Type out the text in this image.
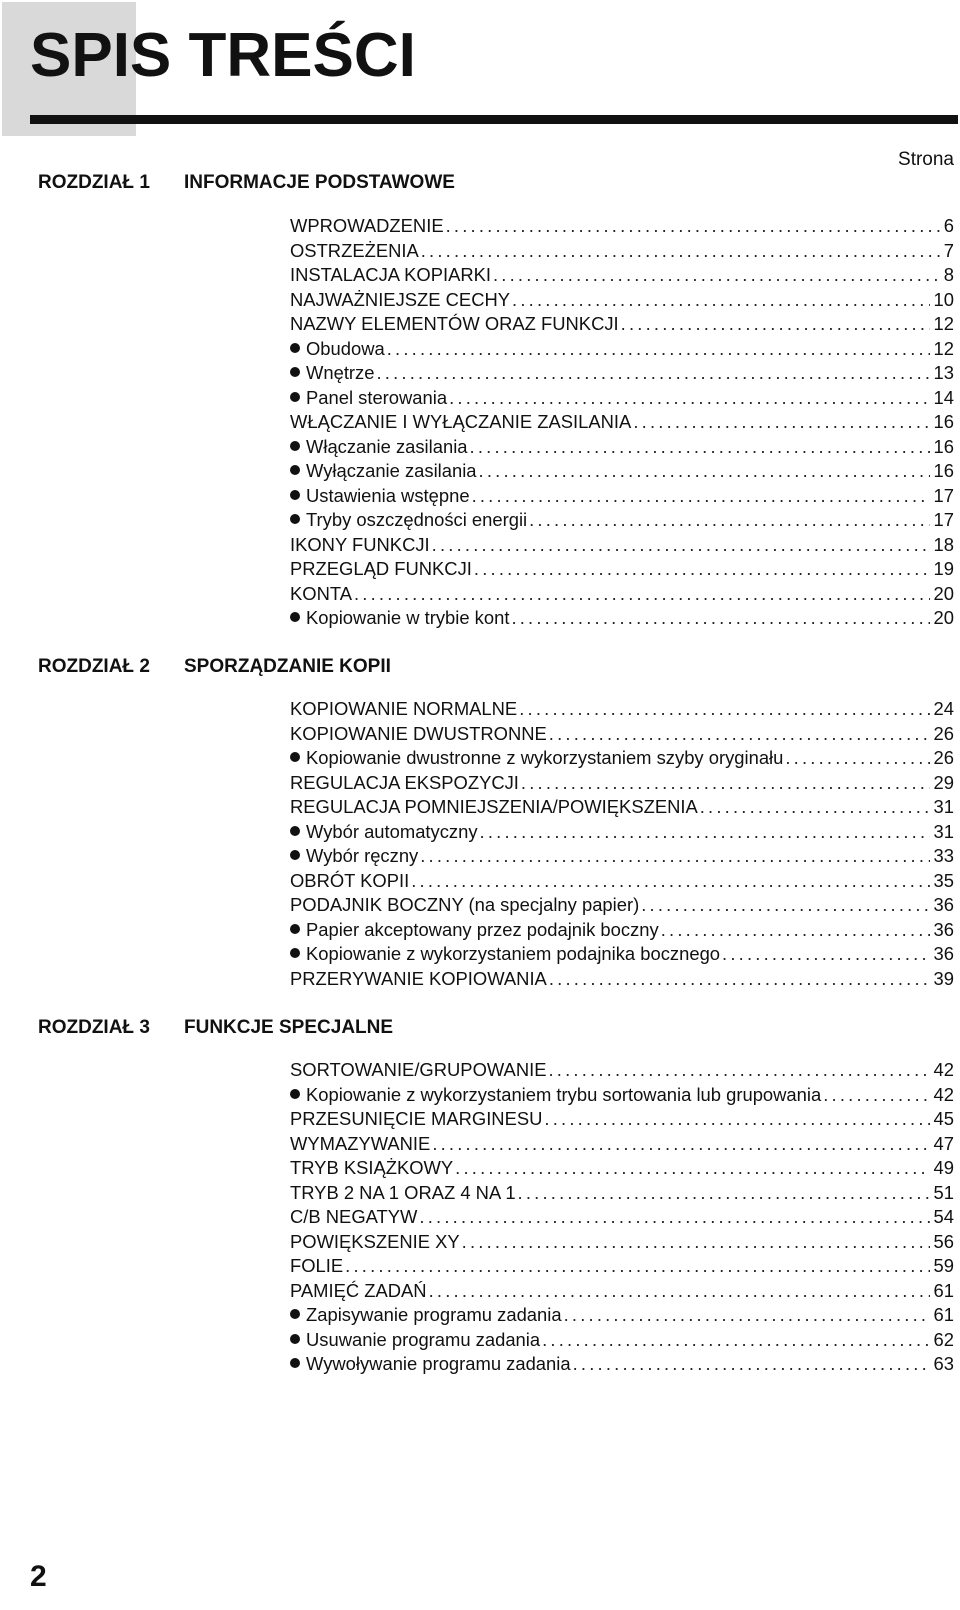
SPIS TREŚCI
Strona
ROZDZIAŁ 1 INFORMACJE PODSTAWOWE
WPROWADZENIE .....	6
OSTRZEŻENIA .....	7
INSTALACJA KOPIARKI .....	8
NAJWAŻNIEJSZE CECHY .....	10
NAZWY ELEMENTÓW ORAZ FUNKCJI .....	12
Obudowa .....	12
Wnętrze .....	13
Panel sterowania .....	14
WŁĄCZANIE I WYŁĄCZANIE ZASILANIA .....	16
Włączanie zasilania .....	16
Wyłączanie zasilania .....	16
Ustawienia wstępne .....	17
Tryby oszczędności energii .....	17
IKONY FUNKCJI .....	18
PRZEGLĄD FUNKCJI .....	19
KONTA .....	20
Kopiowanie w trybie kont .....	20
ROZDZIAŁ 2 SPORZĄDZANIE KOPII
KOPIOWANIE NORMALNE .....	24
KOPIOWANIE DWUSTRONNE .....	26
Kopiowanie dwustronne z wykorzystaniem szyby oryginału .....	26
REGULACJA EKSPOZYCJI .....	29
REGULACJA POMNIEJSZENIA/POWIĘKSZENIA .....	31
Wybór automatyczny .....	31
Wybór ręczny .....	33
OBRÓT KOPII .....	35
PODAJNIK BOCZNY (na specjalny papier) .....	36
Papier akceptowany przez podajnik boczny .....	36
Kopiowanie z wykorzystaniem podajnika bocznego .....	36
PRZERYWANIE KOPIOWANIA .....	39
ROZDZIAŁ 3 FUNKCJE SPECJALNE
SORTOWANIE/GRUPOWANIE .....	42
Kopiowanie z wykorzystaniem trybu sortowania lub grupowania .....	42
PRZESUNIĘCIE MARGINESU .....	45
WYMAZYWANIE .....	47
TRYB KSIĄŻKOWY .....	49
TRYB 2 NA 1 ORAZ 4 NA 1 .....	51
C/B NEGATYW .....	54
POWIĘKSZENIE XY .....	56
FOLIE .....	59
PAMIĘĆ ZADAŃ .....	61
Zapisywanie programu zadania .....	61
Usuwanie programu zadania .....	62
Wywoływanie programu zadania .....	63
2
